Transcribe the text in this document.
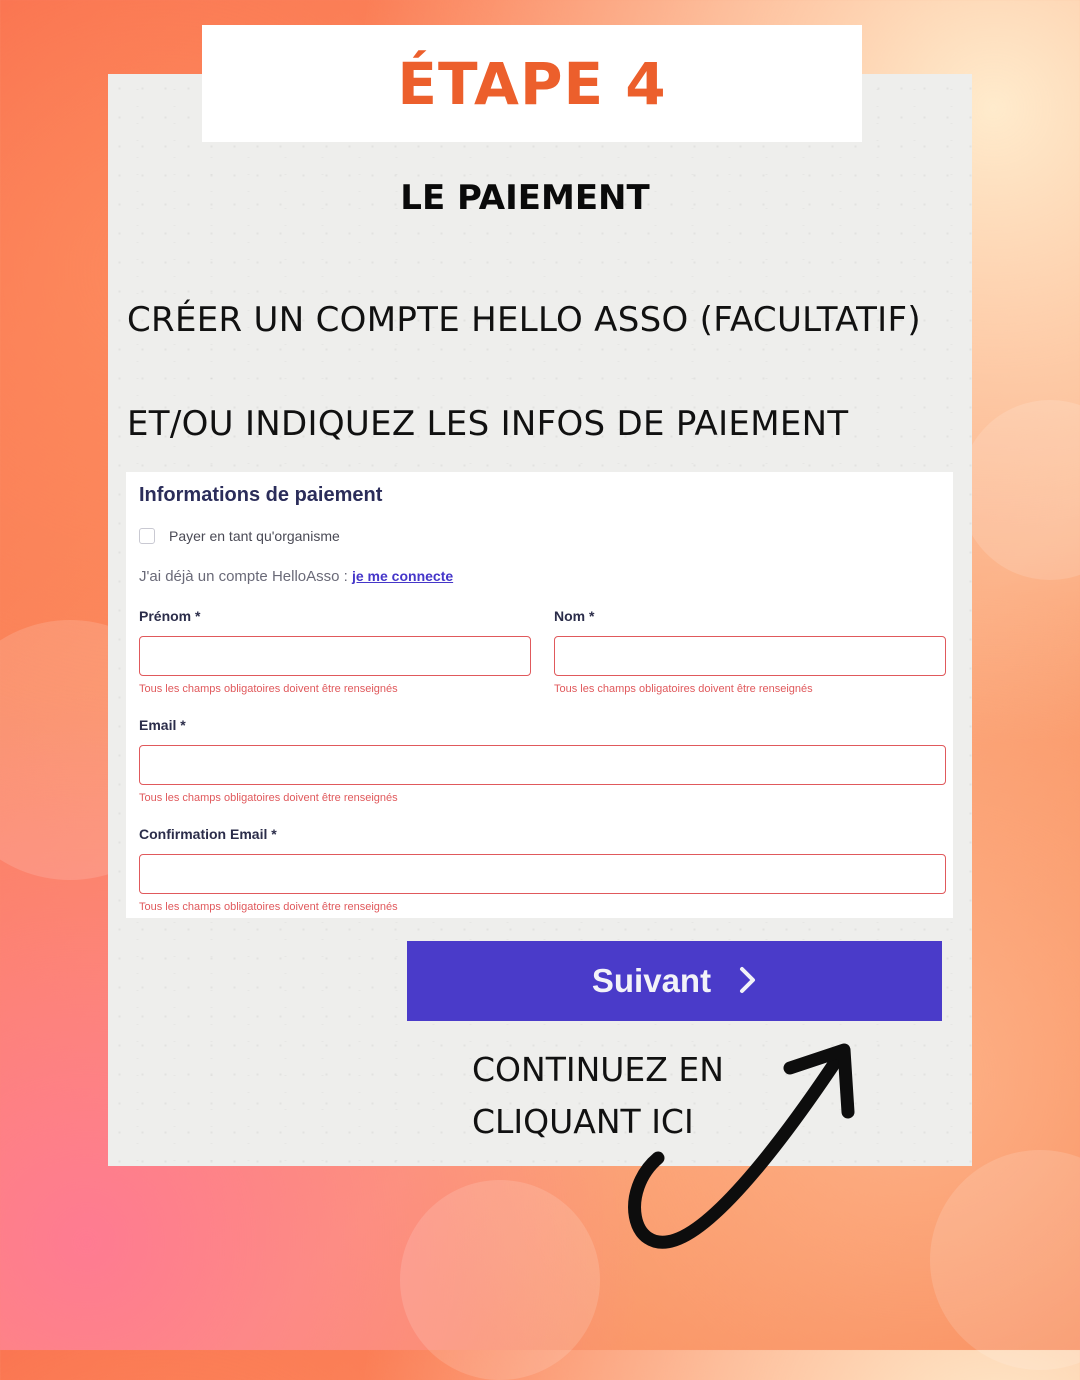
ÉTAPE 4
LE PAIEMENT
CRÉER UN COMPTE HELLO ASSO (FACULTATIF)
ET/OU INDIQUEZ LES INFOS DE PAIEMENT
Informations de paiement
Payer en tant qu'organisme
J'ai déjà un compte HelloAsso : je me connecte
Prénom *
Tous les champs obligatoires doivent être renseignés
Nom *
Tous les champs obligatoires doivent être renseignés
Email *
Tous les champs obligatoires doivent être renseignés
Confirmation Email *
Tous les champs obligatoires doivent être renseignés
Suivant
CONTINUEZ EN
CLIQUANT ICI
